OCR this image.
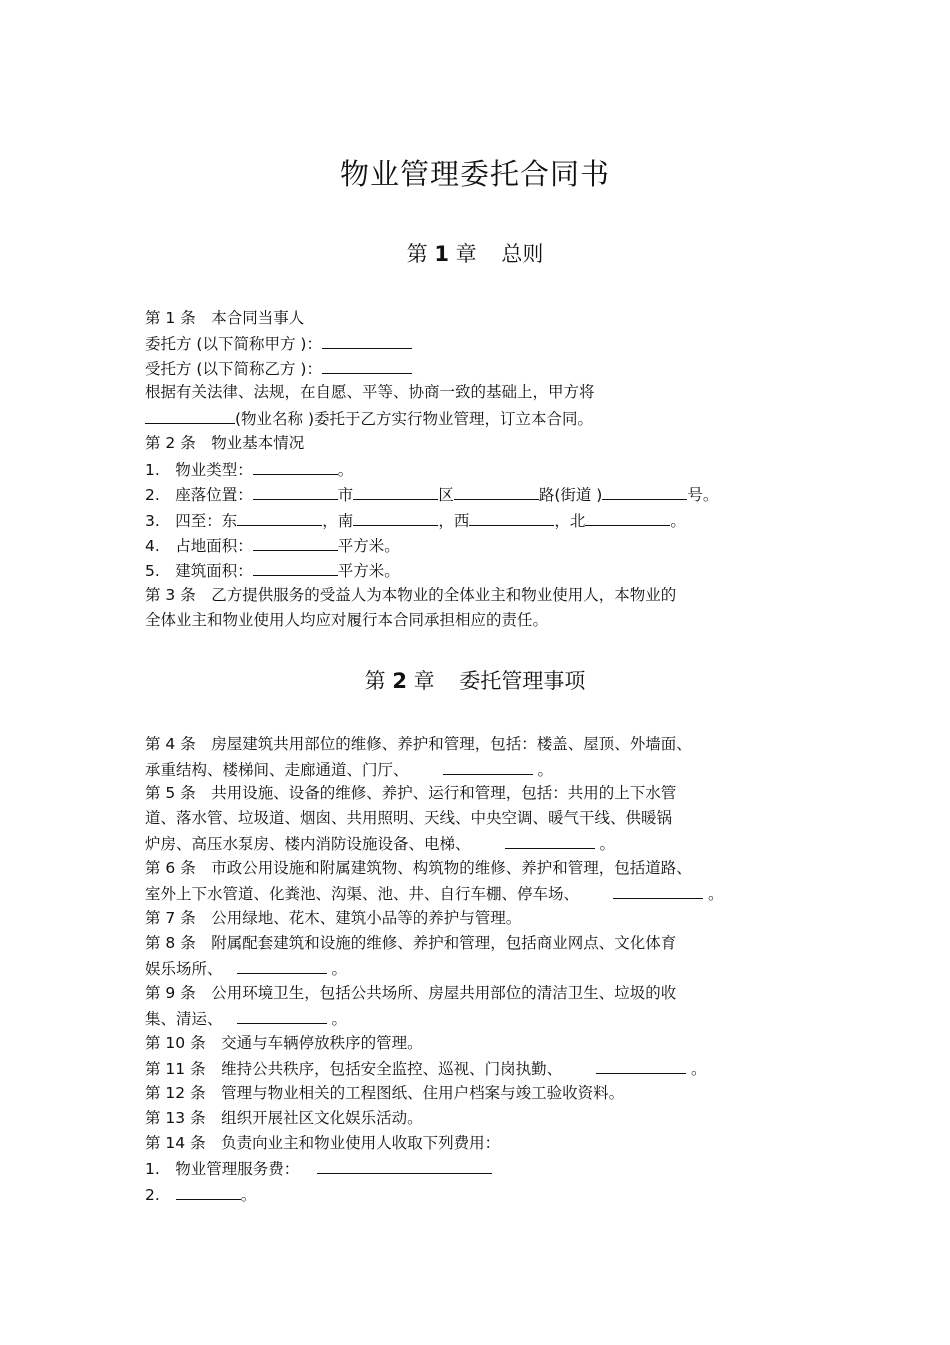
物业管理委托合同书
第 1 章 总则
第 1 条　本合同当事人
委托方 (以下简称甲方 )：
受托方 (以下简称乙方 )：
根据有关法律、法规，在自愿、平等、协商一致的基础上，甲方将
(物业名称 )委托于乙方实行物业管理，订立本合同。
第 2 条　物业基本情况
1.　物业类型：	。
2.　座落位置：	市	区	路(街道 )	号。
3.　四至：东	，南	，西	，北	。
4.　占地面积：	平方米。
5.　建筑面积：	平方米。
第 3 条　乙方提供服务的受益人为本物业的全体业主和物业使用人，本物业的
全体业主和物业使用人均应对履行本合同承担相应的责任。
第 2 章 委托管理事项
第 4 条　房屋建筑共用部位的维修、养护和管理，包括：楼盖、屋顶、外墙面、
承重结构、楼梯间、走廊通道、门厅、	。
第 5 条　共用设施、设备的维修、养护、运行和管理，包括：共用的上下水管
道、落水管、垃圾道、烟囱、共用照明、天线、中央空调、暖气干线、供暖锅
炉房、高压水泵房、楼内消防设施设备、电梯、	。
第 6 条　市政公用设施和附属建筑物、构筑物的维修、养护和管理，包括道路、
室外上下水管道、化粪池、沟渠、池、井、自行车棚、停车场、	。
第 7 条　公用绿地、花木、建筑小品等的养护与管理。
第 8 条　附属配套建筑和设施的维修、养护和管理，包括商业网点、文化体育
娱乐场所、	。
第 9 条　公用环境卫生，包括公共场所、房屋共用部位的清洁卫生、垃圾的收
集、清运、	。
第 10 条　交通与车辆停放秩序的管理。
第 11 条　维持公共秩序，包括安全监控、巡视、门岗执勤、	。
第 12 条　管理与物业相关的工程图纸、住用户档案与竣工验收资料。
第 13 条　组织开展社区文化娱乐活动。
第 14 条　负责向业主和物业使用人收取下列费用：
1.　物业管理服务费：
2.	。
